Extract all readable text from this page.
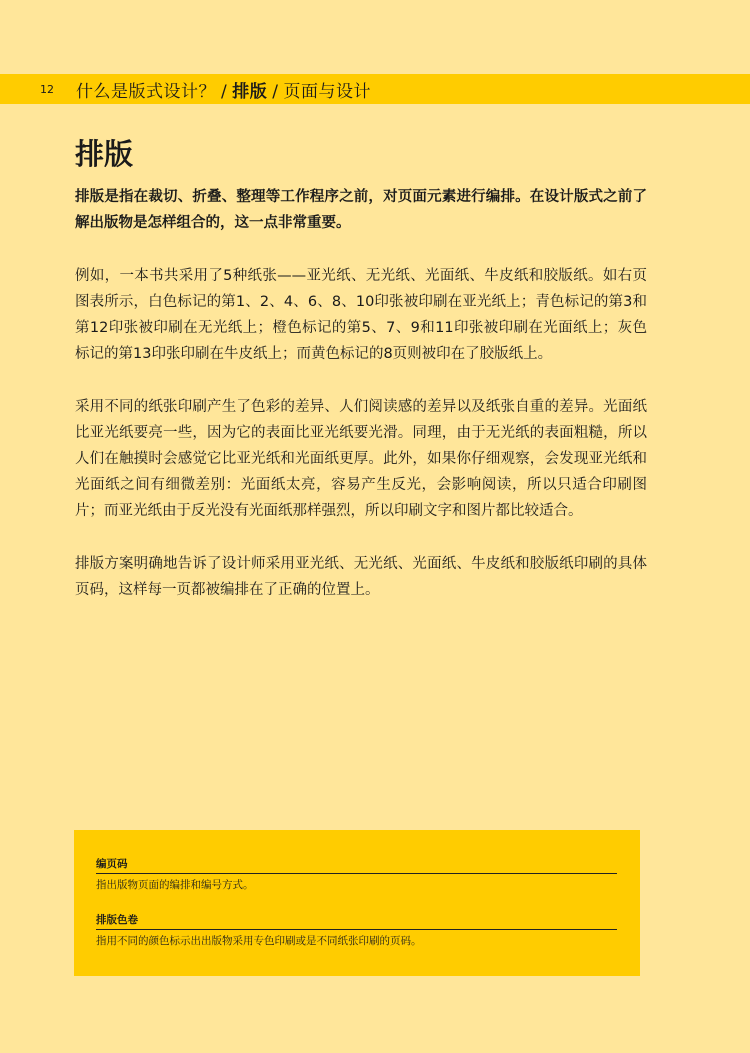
12	什么是版式设计？ / 排版 / 页面与设计
排版

排版是指在裁切、折叠、整理等工作程序之前，对页面元素进行编排。在设计版式之前了解出版物是怎样组合的，这一点非常重要。

例如，一本书共采用了5种纸张——亚光纸、无光纸、光面纸、牛皮纸和胶版纸。如右页图表所示，白色标记的第1、2、4、6、8、10印张被印刷在亚光纸上；青色标记的第3和第12印张被印刷在无光纸上；橙色标记的第5、7、9和11印张被印刷在光面纸上；灰色标记的第13印张印刷在牛皮纸上；而黄色标记的8页则被印在了胶版纸上。

采用不同的纸张印刷产生了色彩的差异、人们阅读感的差异以及纸张自重的差异。光面纸比亚光纸要亮一些，因为它的表面比亚光纸要光滑。同理，由于无光纸的表面粗糙，所以人们在触摸时会感觉它比亚光纸和光面纸更厚。此外，如果你仔细观察，会发现亚光纸和光面纸之间有细微差别：光面纸太亮，容易产生反光，会影响阅读，所以只适合印刷图片；而亚光纸由于反光没有光面纸那样强烈，所以印刷文字和图片都比较适合。

排版方案明确地告诉了设计师采用亚光纸、无光纸、光面纸、牛皮纸和胶版纸印刷的具体页码，这样每一页都被编排在了正确的位置上。

编页码
指出版物页面的编排和编号方式。
排版色卷
指用不同的颜色标示出出版物采用专色印刷或是不同纸张印刷的页码。
